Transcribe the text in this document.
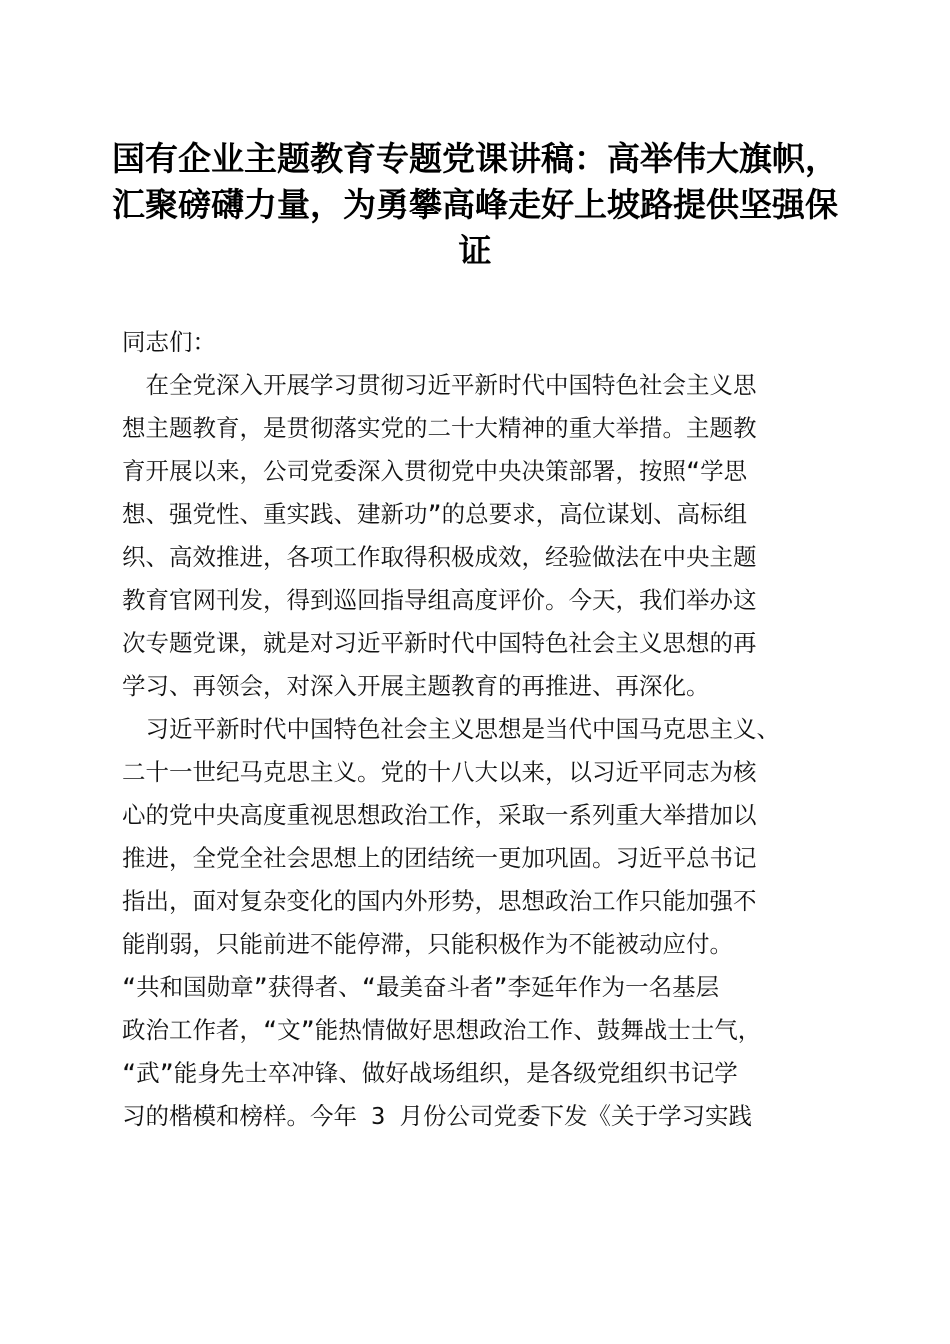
国有企业主题教育专题党课讲稿：高举伟大旗帜，汇聚磅礴力量，为勇攀高峰走好上坡路提供坚强保证

同志们：

　在全党深入开展学习贯彻习近平新时代中国特色社会主义思

想主题教育，是贯彻落实党的二十大精神的重大举措。主题教

育开展以来，公司党委深入贯彻党中央决策部署，按照“学思

想、强党性、重实践、建新功”的总要求，高位谋划、高标组

织、高效推进，各项工作取得积极成效，经验做法在中央主题

教育官网刊发，得到巡回指导组高度评价。今天，我们举办这

次专题党课，就是对习近平新时代中国特色社会主义思想的再

学习、再领会，对深入开展主题教育的再推进、再深化。

　习近平新时代中国特色社会主义思想是当代中国马克思主义、

二十一世纪马克思主义。党的十八大以来，以习近平同志为核

心的党中央高度重视思想政治工作，采取一系列重大举措加以

推进，全党全社会思想上的团结统一更加巩固。习近平总书记

指出，面对复杂变化的国内外形势，思想政治工作只能加强不

能削弱，只能前进不能停滞，只能积极作为不能被动应付。

“共和国勋章”获得者、“最美奋斗者”李延年作为一名基层

政治工作者，“文”能热情做好思想政治工作、鼓舞战士士气，

“武”能身先士卒冲锋、做好战场组织，是各级党组织书记学

习的楷模和榜样。今年 3 月份公司党委下发《关于学习实践
